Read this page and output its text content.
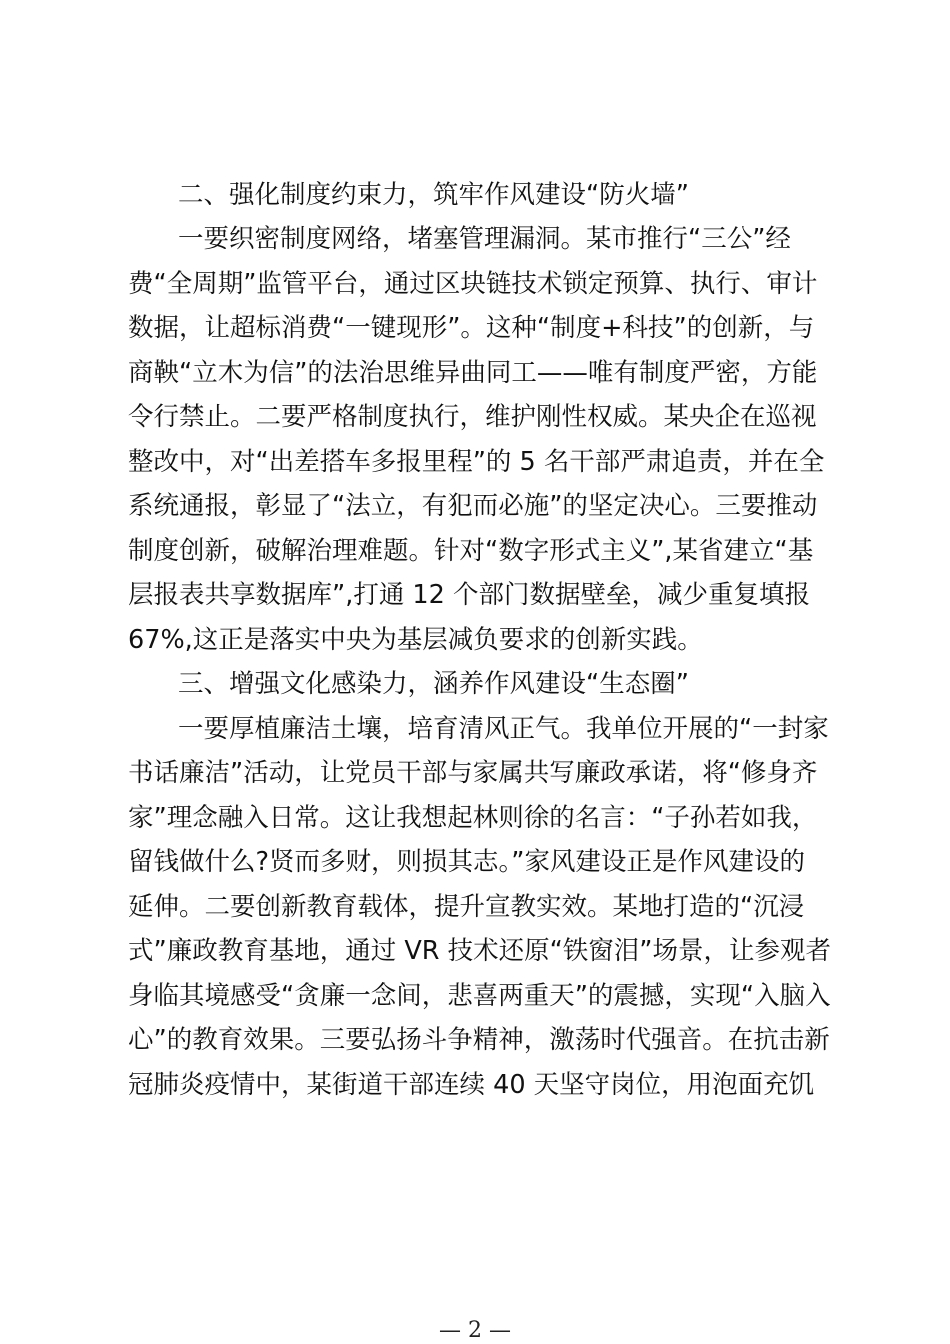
二、强化制度约束力，筑牢作风建设“防火墙”
一要织密制度网络，堵塞管理漏洞。某市推行“三公”经
费“全周期”监管平台，通过区块链技术锁定预算、执行、审计
数据，让超标消费“一键现形”。这种“制度+科技”的创新，与
商鞅“立木为信”的法治思维异曲同工——唯有制度严密，方能
令行禁止。二要严格制度执行，维护刚性权威。某央企在巡视
整改中，对“出差搭车多报里程”的 5 名干部严肃追责，并在全
系统通报，彰显了“法立，有犯而必施”的坚定决心。三要推动
制度创新，破解治理难题。针对“数字形式主义”,某省建立“基
层报表共享数据库”,打通 12 个部门数据壁垒，减少重复填报
67%,这正是落实中央为基层减负要求的创新实践。
三、增强文化感染力，涵养作风建设“生态圈”
一要厚植廉洁土壤，培育清风正气。我单位开展的“一封家
书话廉洁”活动，让党员干部与家属共写廉政承诺，将“修身齐
家”理念融入日常。这让我想起林则徐的名言：“子孙若如我，
留钱做什么?贤而多财，则损其志。”家风建设正是作风建设的
延伸。二要创新教育载体，提升宣教实效。某地打造的“沉浸
式”廉政教育基地，通过 VR 技术还原“铁窗泪”场景，让参观者
身临其境感受“贪廉一念间，悲喜两重天”的震撼，实现“入脑入
心”的教育效果。三要弘扬斗争精神，激荡时代强音。在抗击新
冠肺炎疫情中，某街道干部连续 40 天坚守岗位，用泡面充饥
— 2 —
